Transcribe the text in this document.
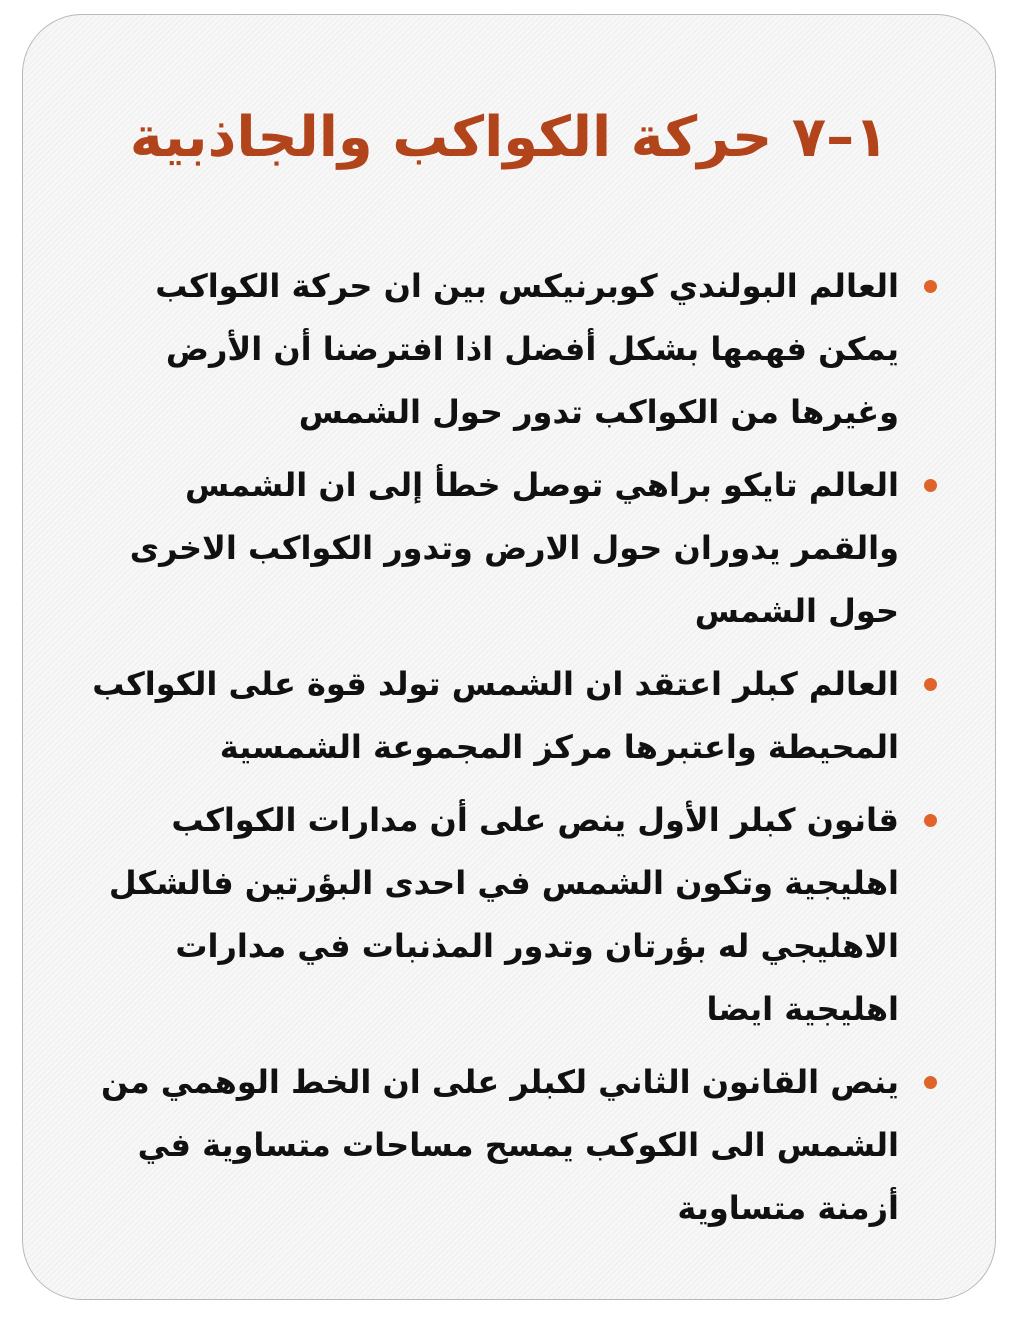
١–٧ حركة الكواكب والجاذبية
العالم البولندي كوبرنيكس بين ان حركة الكواكب يمكن فهمها بشكل أفضل اذا افترضنا أن الأرض وغيرها من الكواكب تدور حول الشمس
العالم تايكو براهي توصل خطأ إلى ان الشمس والقمر يدوران حول الارض وتدور الكواكب الاخرى حول الشمس
العالم كبلر اعتقد ان الشمس تولد قوة على الكواكب المحيطة واعتبرها مركز المجموعة الشمسية
قانون كبلر الأول ينص على أن مدارات الكواكب اهليجية وتكون الشمس في احدى البؤرتين فالشكل الاهليجي له بؤرتان وتدور المذنبات في مدارات اهليجية ايضا
ينص القانون الثاني لكبلر على ان الخط الوهمي من الشمس الى الكوكب يمسح مساحات متساوية في أزمنة متساوية
